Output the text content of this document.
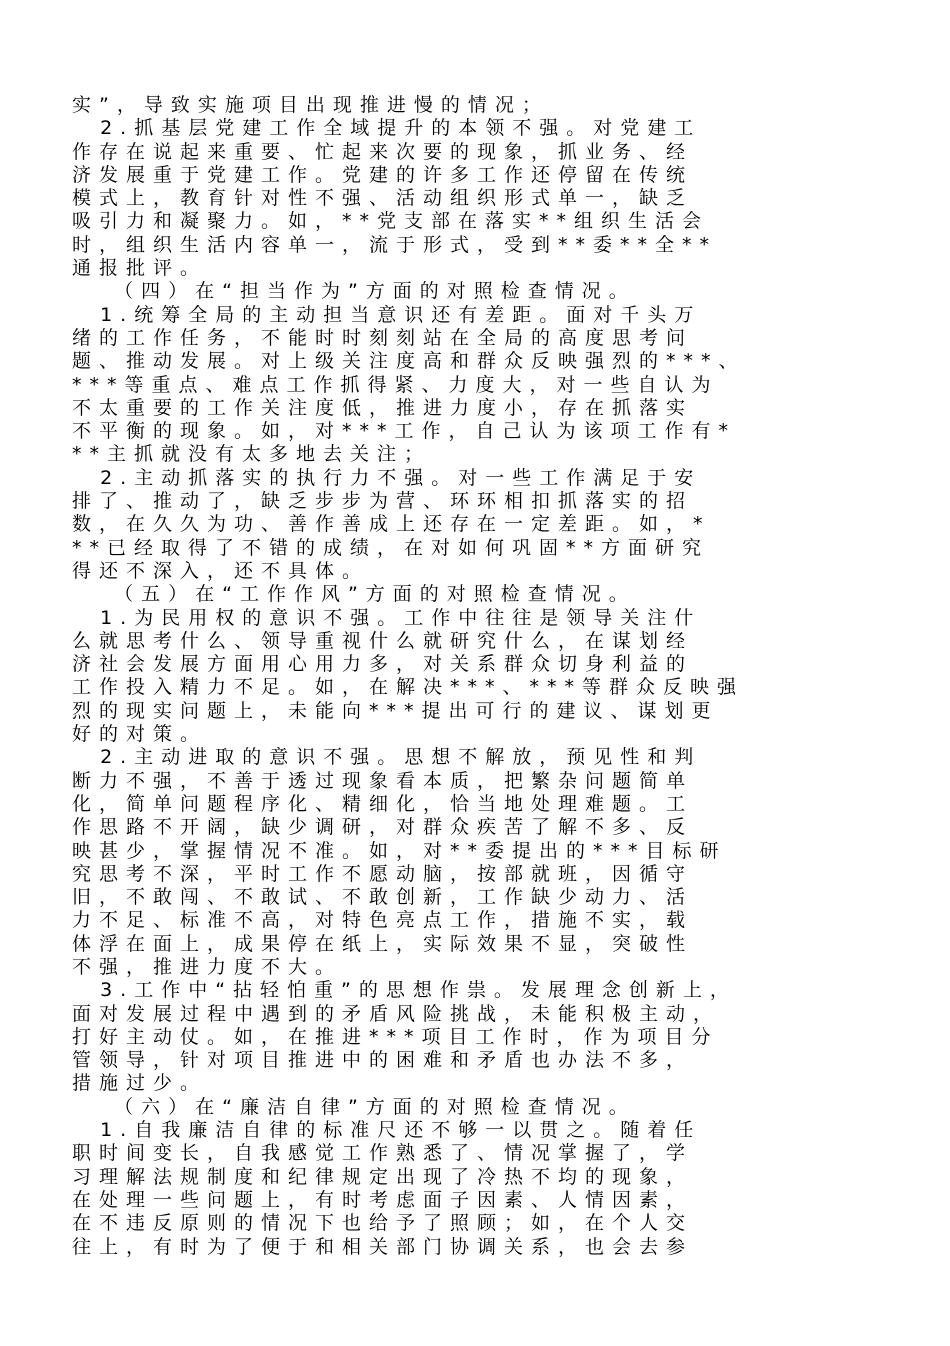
实”，导致实施项目出现推进慢的情况；
2.抓基层党建工作全域提升的本领不强。对党建工
作存在说起来重要、忙起来次要的现象，抓业务、经
济发展重于党建工作。党建的许多工作还停留在传统
模式上，教育针对性不强、活动组织形式单一，缺乏
吸引力和凝聚力。如，**党支部在落实**组织生活会
时，组织生活内容单一，流于形式，受到**委**全**
通报批评。
（四）在“担当作为”方面的对照检查情况。
1.统筹全局的主动担当意识还有差距。面对千头万
绪的工作任务，不能时时刻刻站在全局的高度思考问
题、推动发展。对上级关注度高和群众反映强烈的***、
***等重点、难点工作抓得紧、力度大，对一些自认为
不太重要的工作关注度低，推进力度小，存在抓落实
不平衡的现象。如，对***工作，自己认为该项工作有*
**主抓就没有太多地去关注；
2.主动抓落实的执行力不强。对一些工作满足于安
排了、推动了，缺乏步步为营、环环相扣抓落实的招
数，在久久为功、善作善成上还存在一定差距。如，*
**已经取得了不错的成绩，在对如何巩固**方面研究
得还不深入，还不具体。
（五）在“工作作风”方面的对照检查情况。
1.为民用权的意识不强。工作中往往是领导关注什
么就思考什么、领导重视什么就研究什么，在谋划经
济社会发展方面用心用力多，对关系群众切身利益的
工作投入精力不足。如，在解决***、***等群众反映强
烈的现实问题上，未能向***提出可行的建议、谋划更
好的对策。
2.主动进取的意识不强。思想不解放，预见性和判
断力不强，不善于透过现象看本质，把繁杂问题简单
化，简单问题程序化、精细化，恰当地处理难题。工
作思路不开阔，缺少调研，对群众疾苦了解不多、反
映甚少，掌握情况不准。如，对**委提出的***目标研
究思考不深，平时工作不愿动脑，按部就班，因循守
旧，不敢闯、不敢试、不敢创新，工作缺少动力、活
力不足、标准不高，对特色亮点工作，措施不实，载
体浮在面上，成果停在纸上，实际效果不显，突破性
不强，推进力度不大。
3.工作中“拈轻怕重”的思想作祟。发展理念创新上，
面对发展过程中遇到的矛盾风险挑战，未能积极主动，
打好主动仗。如，在推进***项目工作时，作为项目分
管领导，针对项目推进中的困难和矛盾也办法不多，
措施过少。
（六）在“廉洁自律”方面的对照检查情况。
1.自我廉洁自律的标准尺还不够一以贯之。随着任
职时间变长，自我感觉工作熟悉了、情况掌握了，学
习理解法规制度和纪律规定出现了冷热不均的现象，
在处理一些问题上，有时考虑面子因素、人情因素，
在不违反原则的情况下也给予了照顾；如，在个人交
往上，有时为了便于和相关部门协调关系，也会去参
